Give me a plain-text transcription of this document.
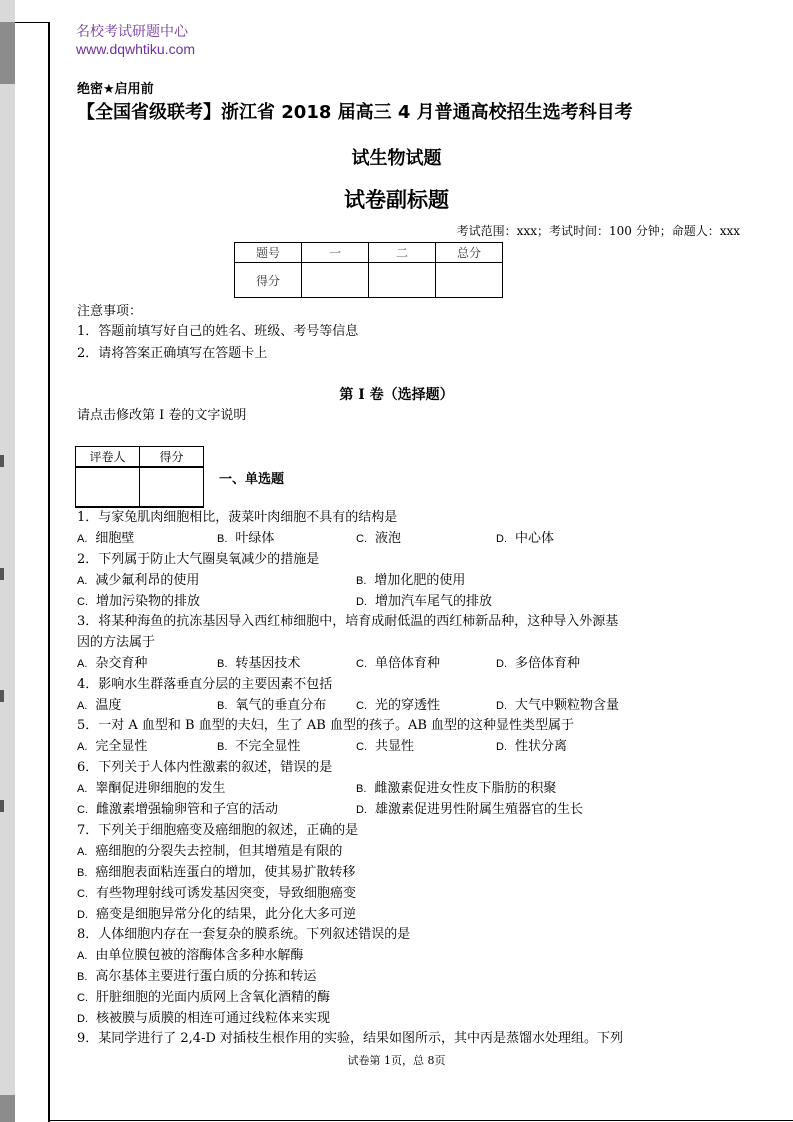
名校考试研题中心
www.dqwhtiku.com
绝密★启用前
【全国省级联考】浙江省 2018 届高三 4 月普通高校招生选考科目考
试生物试题
试卷副标题
考试范围：xxx；考试时间：100 分钟；命题人：xxx
题号	一	二	总分
得分			
注意事项：
1．答题前填写好自己的姓名、班级、考号等信息
2．请将答案正确填写在答题卡上
第 I 卷（选择题）
请点击修改第 I 卷的文字说明
评卷人	得分

一、单选题
1．与家兔肌肉细胞相比，菠菜叶肉细胞不具有的结构是
A. 细胞壁	B. 叶绿体	C. 液泡	D. 中心体
2．下列属于防止大气圈臭氧减少的措施是
A. 减少氟利昂的使用	B. 增加化肥的使用
C. 增加污染物的排放	D. 增加汽车尾气的排放
3．将某种海鱼的抗冻基因导入西红柿细胞中，培育成耐低温的西红柿新品种，这种导入外源基
因的方法属于
A. 杂交育种	B. 转基因技术	C. 单倍体育种	D. 多倍体育种
4．影响水生群落垂直分层的主要因素不包括
A. 温度	B. 氧气的垂直分布	C. 光的穿透性	D. 大气中颗粒物含量
5．一对 A 血型和 B 血型的夫妇，生了 AB 血型的孩子。AB 血型的这种显性类型属于
A. 完全显性	B. 不完全显性	C. 共显性	D. 性状分离
6．下列关于人体内性激素的叙述，错误的是
A. 睾酮促进卵细胞的发生	B. 雌激素促进女性皮下脂肪的积聚
C. 雌激素增强输卵管和子宫的活动	D. 雄激素促进男性附属生殖器官的生长
7．下列关于细胞癌变及癌细胞的叙述，正确的是
A. 癌细胞的分裂失去控制，但其增殖是有限的
B. 癌细胞表面粘连蛋白的增加，使其易扩散转移
C. 有些物理射线可诱发基因突变，导致细胞癌变
D. 癌变是细胞异常分化的结果，此分化大多可逆
8．人体细胞内存在一套复杂的膜系统。下列叙述错误的是
A. 由单位膜包被的溶酶体含多种水解酶
B. 高尔基体主要进行蛋白质的分拣和转运
C. 肝脏细胞的光面内质网上含氧化酒精的酶
D. 核被膜与质膜的相连可通过线粒体来实现
9．某同学进行了 2,4-D 对插枝生根作用的实验，结果如图所示，其中丙是蒸馏水处理组。下列
试卷第 1页，总 8页
